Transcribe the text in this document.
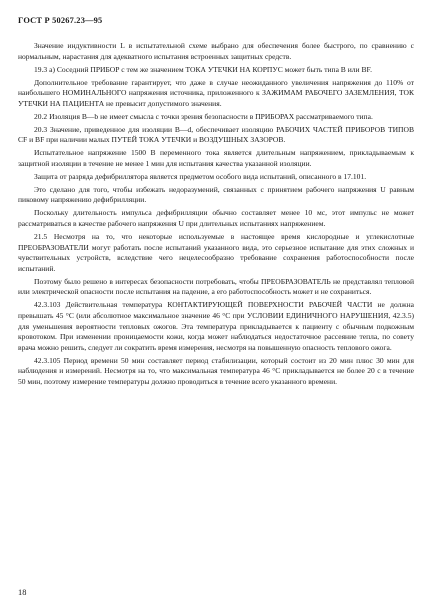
ГОСТ Р 50267.23—95

Значение индуктивности L в испытательной схеме выбрано для обеспечения более быстрого, по сравнению с нормальным, нарастания для адекватного испытания встроенных защитных средств.

19.3 а) Соседний ПРИБОР с тем же значением ТОКА УТЕЧКИ НА КОРПУС может быть типа В или BF.

Дополнительное требование гарантирует, что даже в случае неожиданного увеличения напряжения до 110% от наибольшего НОМИНАЛЬНОГО напряжения источника, приложенного к ЗАЖИМАМ РАБОЧЕГО ЗАЗЕМЛЕНИЯ, ТОК УТЕЧКИ НА ПАЦИЕНТА не превысит допустимого значения.

20.2 Изоляция В—b не имеет смысла с точки зрения безопасности в ПРИБОРАХ рассматриваемого типа.

20.3 Значение, приведенное для изоляции В—d, обеспечивает изоляцию РАБОЧИХ ЧАСТЕЙ ПРИБОРОВ ТИПОВ CF и BF при наличии малых ПУТЕЙ ТОКА УТЕЧКИ и ВОЗДУШНЫХ ЗАЗОРОВ.

Испытательное напряжение 1500 В переменного тока является длительным напряжением, прикладываемым к защитной изоляции в течение не менее 1 мин для испытания качества указанной изоляции.

Защита от разряда дефибриллятора является предметом особого вида испытаний, описанного в 17.101.

Это сделано для того, чтобы избежать недоразумений, связанных с принятием рабочего напряжения U равным пиковому напряжению дефибрилляции.

Поскольку длительность импульса дефибрилляции обычно составляет менее 10 мс, этот импульс не может рассматриваться в качестве рабочего напряжения U при длительных испытаниях напряжением.

21.5 Несмотря на то, что некоторые используемые в настоящее время кислородные и углекислотные ПРЕОБРАЗОВАТЕЛИ могут работать после испытаний указанного вида, это серьезное испытание для этих сложных и чувствительных устройств, вследствие чего нецелесообразно требование сохранения работоспособности после испытаний.

Поэтому было решено в интересах безопасности потребовать, чтобы ПРЕОБРАЗОВАТЕЛЬ не представлял тепловой или электрической опасности после испытания на падение, а его работоспособность может и не сохраниться.

42.3.103 Действительная температура КОНТАКТИРУЮЩЕЙ ПОВЕРХНОСТИ РАБОЧЕЙ ЧАСТИ не должна превышать 45 °С (или абсолютное максимальное значение 46 °С при УСЛОВИИ ЕДИНИЧНОГО НАРУШЕНИЯ, 42.3.5) для уменьшения вероятности тепловых ожогов. Эта температура прикладывается к пациенту с обычным подкожным кровотоком. При изменении проницаемости кожи, когда может наблюдаться недостаточное рассеяние тепла, по совету врача можно решить, следует ли сократить время измерения, несмотря на повышенную опасность теплового ожога.

42.3.105 Период времени 50 мин составляет период стабилизации, который состоит из 20 мин плюс 30 мин для наблюдения и измерений. Несмотря на то, что максимальная температура 46 °С прикладывается не более 20 с в течение 50 мин, поэтому измерение температуры должно проводиться в течение всего указанного времени.

18
